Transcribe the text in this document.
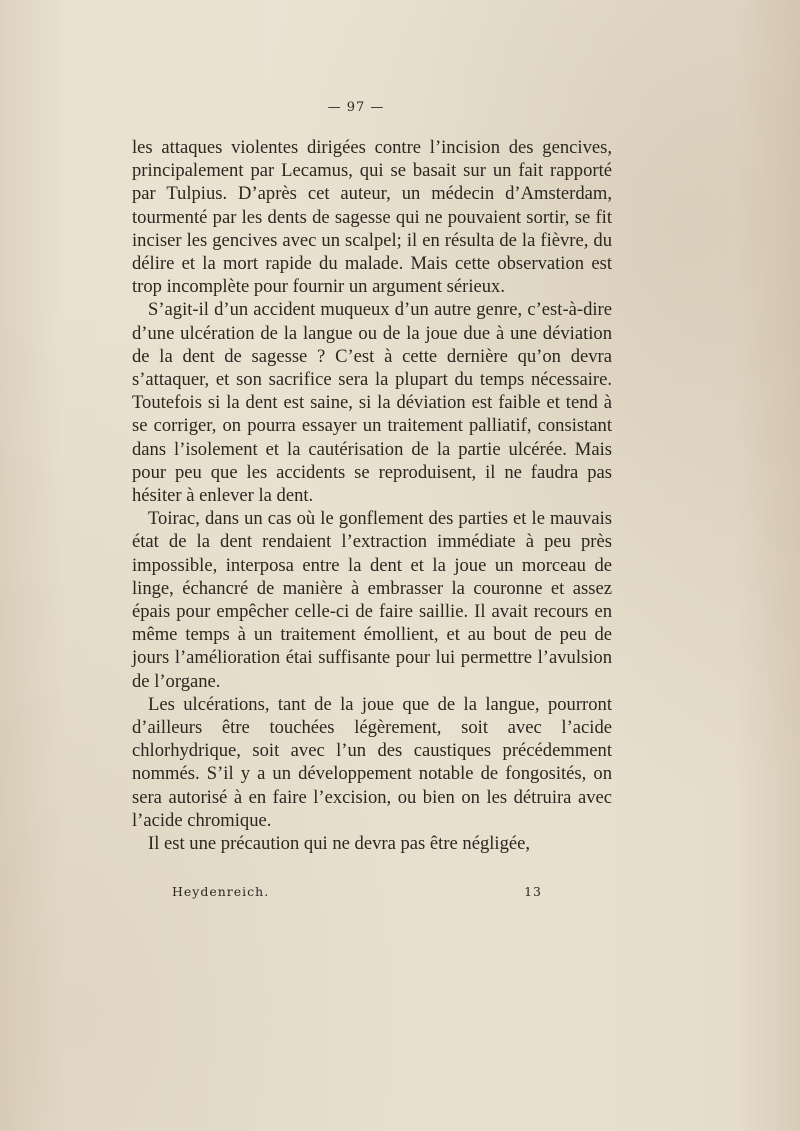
— 97 —

les attaques violentes dirigées contre l’incision des gencives, principalement par Lecamus, qui se basait sur un fait rapporté par Tulpius. D’après cet auteur, un médecin d’Amsterdam, tourmenté par les dents de sagesse qui ne pouvaient sortir, se fit inciser les gencives avec un scalpel; il en résulta de la fièvre, du délire et la mort rapide du malade. Mais cette observation est trop incomplète pour fournir un argument sérieux.

S’agit-il d’un accident muqueux d’un autre genre, c’est-à-dire d’une ulcération de la langue ou de la joue due à une déviation de la dent de sagesse ? C’est à cette dernière qu’on devra s’attaquer, et son sacrifice sera la plupart du temps nécessaire. Toutefois si la dent est saine, si la déviation est faible et tend à se corriger, on pourra essayer un traitement palliatif, consistant dans l’isolement et la cautérisation de la partie ulcérée. Mais pour peu que les accidents se reproduisent, il ne faudra pas hésiter à enlever la dent.

Toirac, dans un cas où le gonflement des parties et le mauvais état de la dent rendaient l’extraction immédiate à peu près impossible, interposa entre la dent et la joue un morceau de linge, échancré de manière à embrasser la couronne et assez épais pour empêcher celle-ci de faire saillie. Il avait recours en même temps à un traitement émollient, et au bout de peu de jours l’amélioration étai suffisante pour lui permettre l’avulsion de l’organe.

Les ulcérations, tant de la joue que de la langue, pourront d’ailleurs être touchées légèrement, soit avec l’acide chlorhydrique, soit avec l’un des caustiques précédemment nommés. S’il y a un développement notable de fongosités, on sera autorisé à en faire l’excision, ou bien on les détruira avec l’acide chromique.

Il est une précaution qui ne devra pas être négligée,

Heydenreich.	13
